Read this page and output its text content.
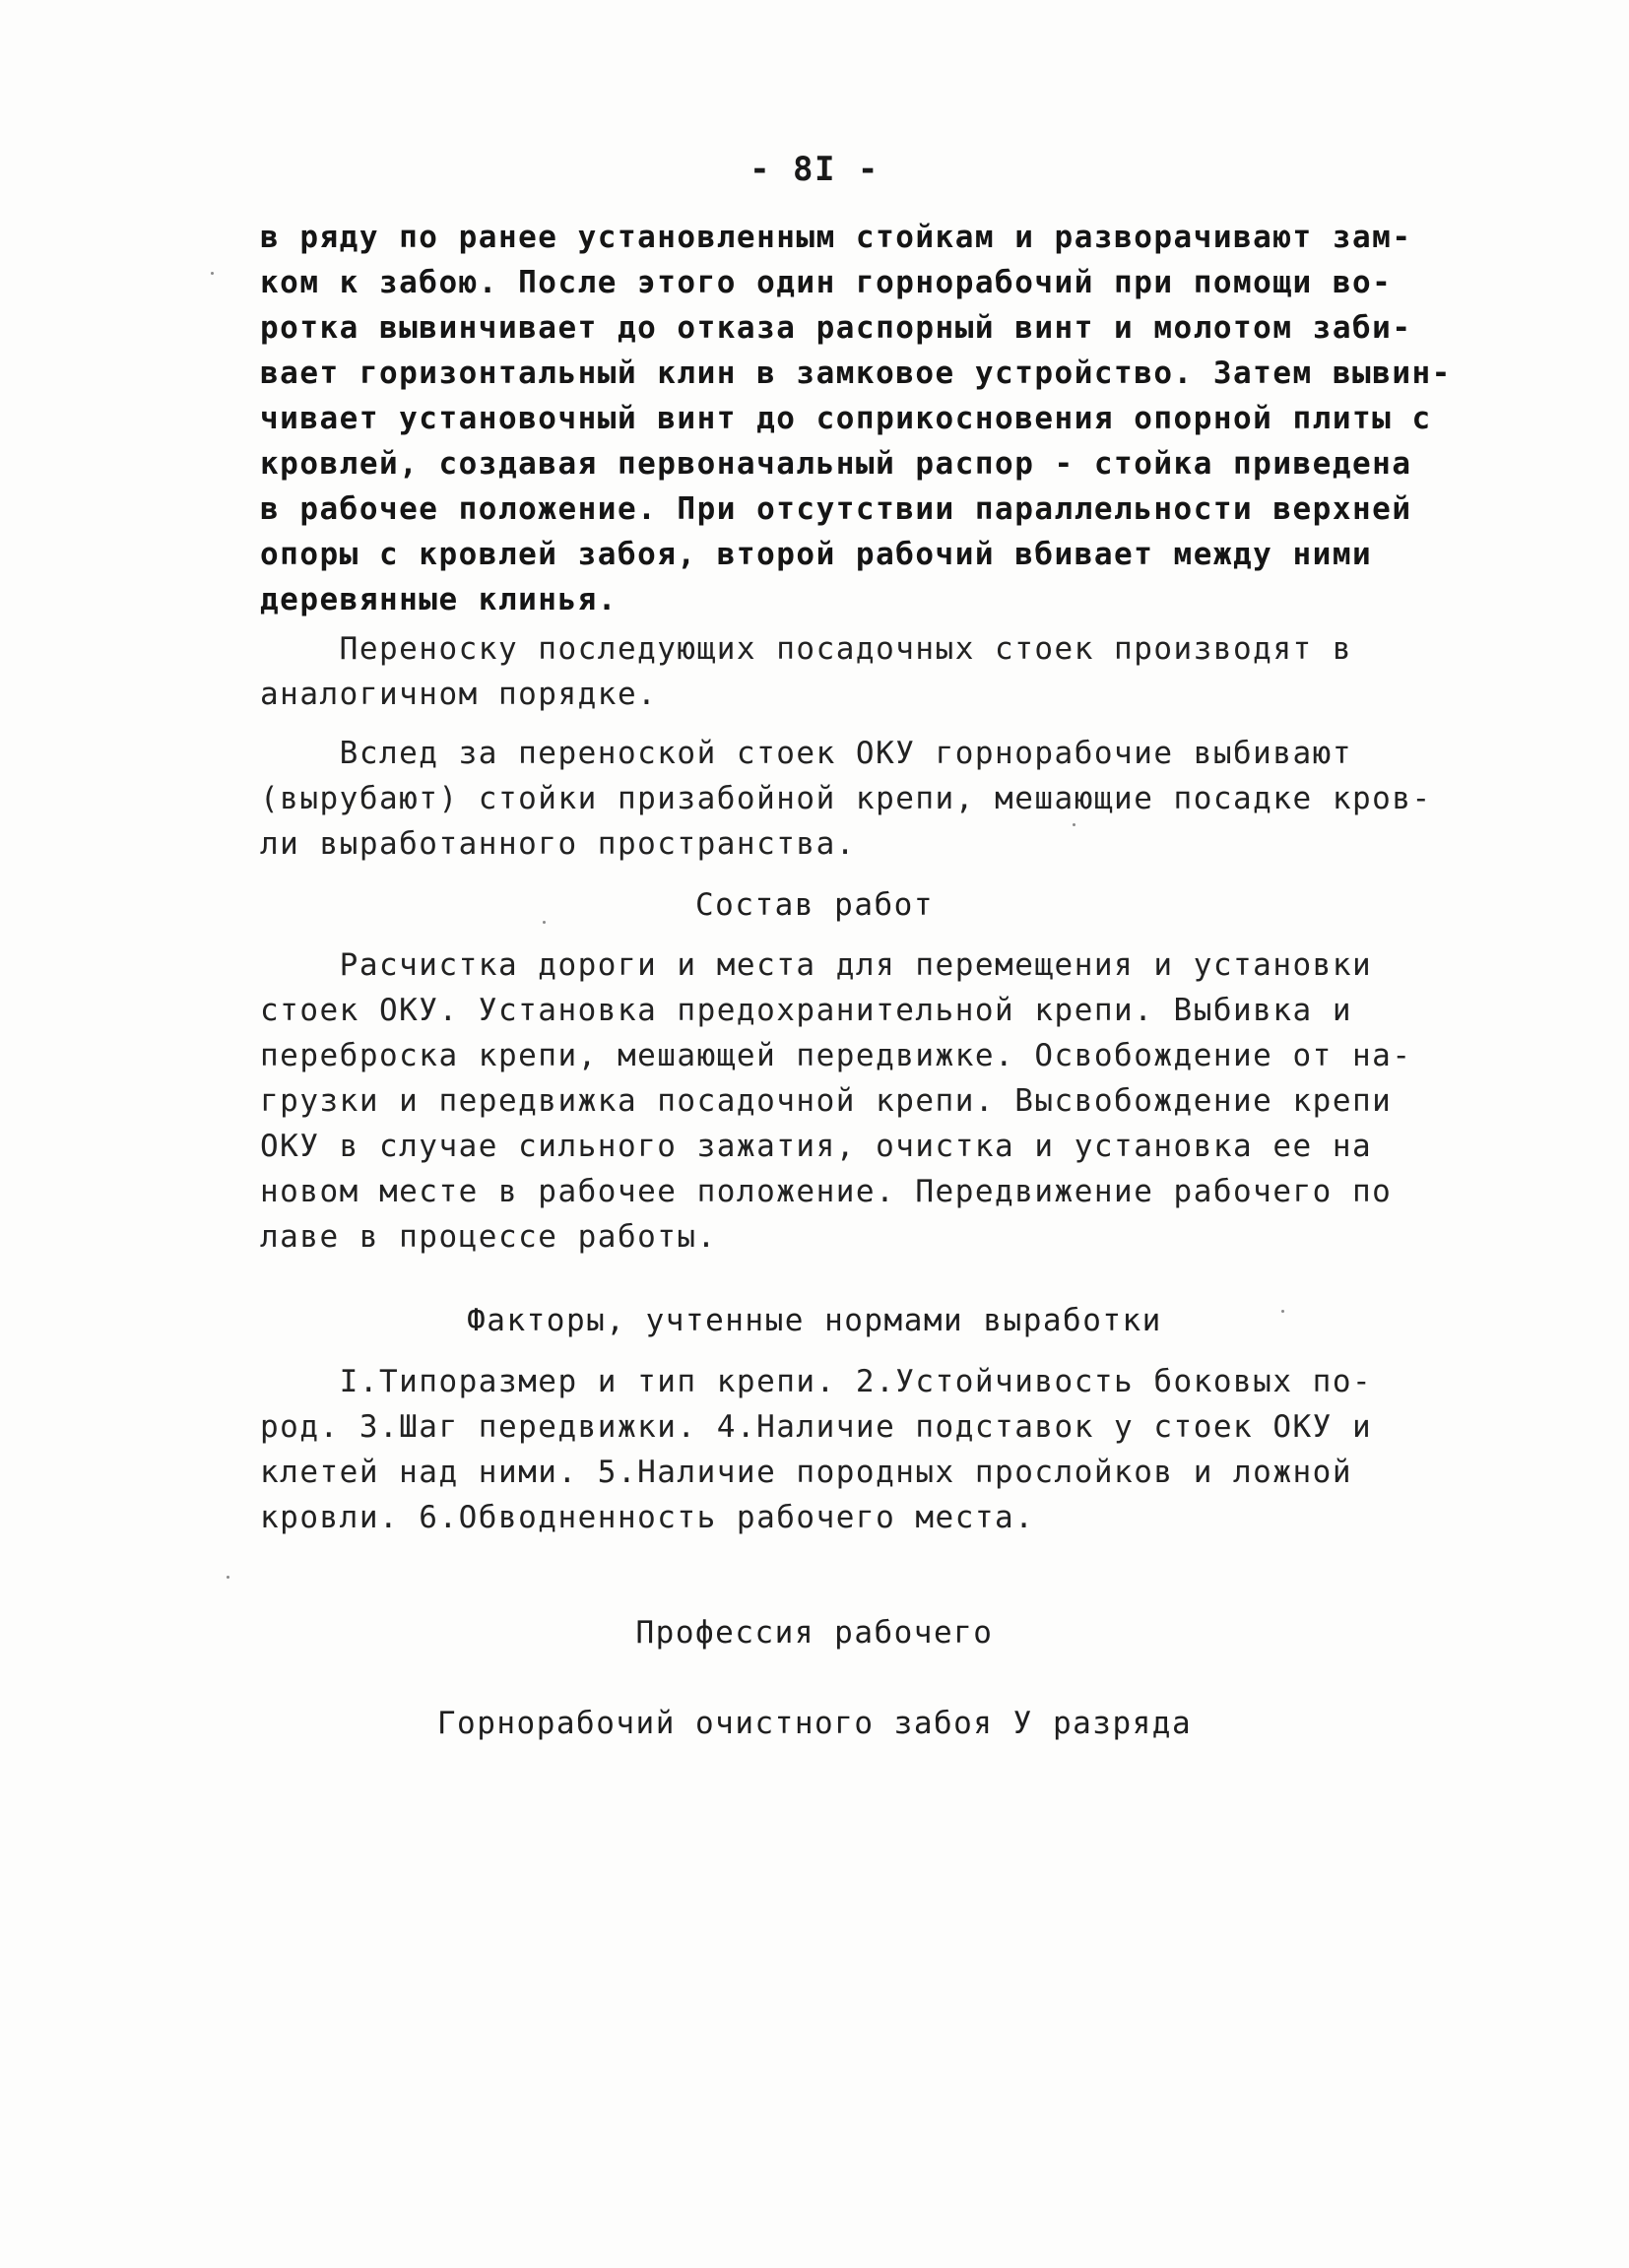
- 8I -
в ряду по ранее установленным стойкам и разворачивают зам-
ком к забою. После этого один горнорабочий при помощи во-
ротка вывинчивает до отказа распорный винт и молотом заби-
вает горизонтальный клин в замковое устройство. Затем вывин-
чивает установочный винт до соприкосновения опорной плиты с
кровлей, создавая первоначальный распор - стойка приведена
в рабочее положение. При отсутствии параллельности верхней
опоры с кровлей забоя, второй рабочий вбивает между ними
деревянные клинья.
Переноску последующих посадочных стоек производят в
аналогичном порядке.
Вслед за переноской стоек ОКУ горнорабочие выбивают
(вырубают) стойки призабойной крепи, мешающие посадке кров-
ли выработанного пространства.
Состав работ
Расчистка дороги и места для перемещения и установки
стоек ОКУ. Установка предохранительной крепи. Выбивка и
переброска крепи, мешающей передвижке. Освобождение от на-
грузки и передвижка посадочной крепи. Высвобождение крепи
ОКУ в случае сильного зажатия, очистка и установка ее на
новом месте в рабочее положение. Передвижение рабочего по
лаве в процессе работы.
Факторы, учтенные нормами выработки
I.Типоразмер и тип крепи. 2.Устойчивость боковых по-
род. 3.Шаг передвижки. 4.Наличие подставок у стоек ОКУ и
клетей над ними. 5.Наличие породных прослойков и ложной
кровли. 6.Обводненность рабочего места.
Профессия рабочего

Горнорабочий очистного забоя У разряда
